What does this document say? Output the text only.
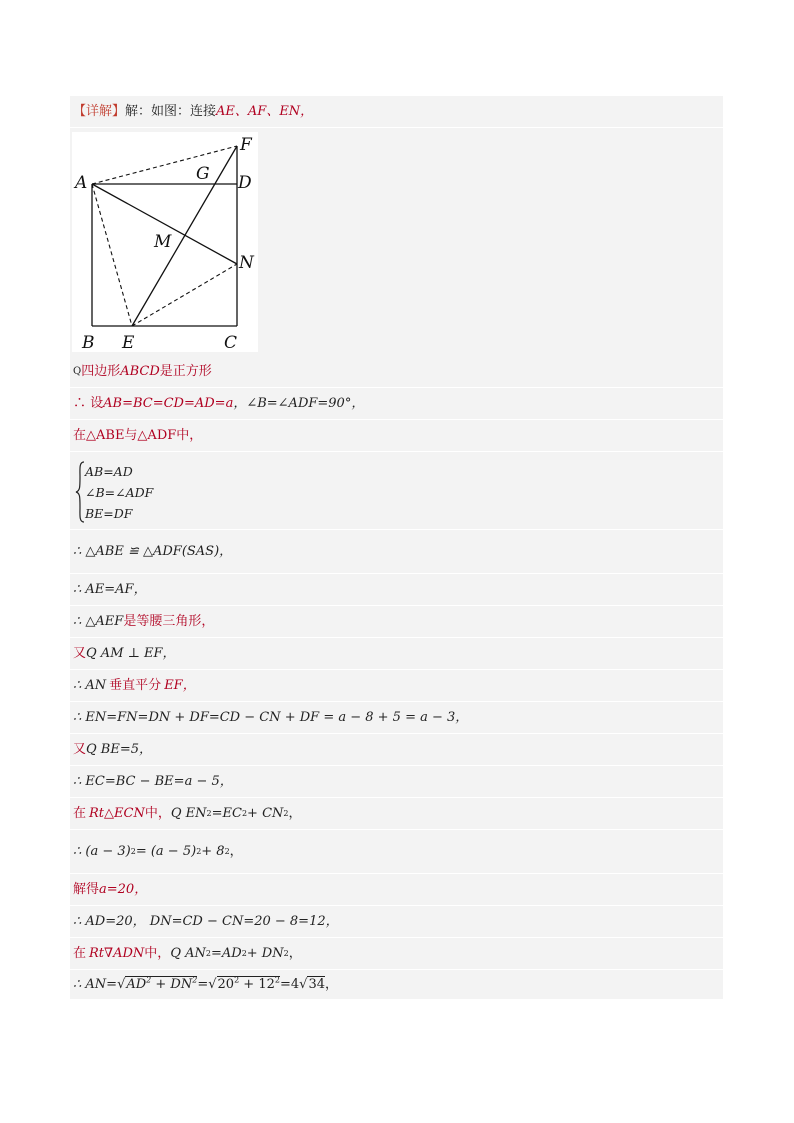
【详解】 解：如图：连接 AE、AF、EN，
A
B	C
D
E
F
G
M
N
Q 四边形 ABCD 是正方形
∴ 设 AB=BC=CD=AD=a ，∠B=∠ADF=90°，
在△ABE与△ADF中，
AB=AD
∠B=∠ADF
BE=DF
∴ △ABE ≌ △ADF(SAS)，
∴ AE=AF，
∴ △AEF 是等腰三角形，
又 Q AM ⊥ EF，
∴ AN 垂直平分 EF，
∴ EN=FN=DN + DF=CD − CN + DF = a − 8 + 5 = a − 3，
又 Q BE=5，
∴ EC=BC − BE=a − 5，
在 Rt△ECN 中， Q EN 2 =EC 2 + CN 2 ，
∴ (a − 3) 2 = (a − 5) 2 + 8 2 ，
解得 a=20，
∴ AD=20， DN=CD − CN=20 − 8=12，
在 Rt∇ADN 中， Q AN 2 =AD 2 + DN 2 ，
∴ AN= √ $AD^2 + DN^2$ = √ $20^2 + 12^2 =4$ √ 34 ，
